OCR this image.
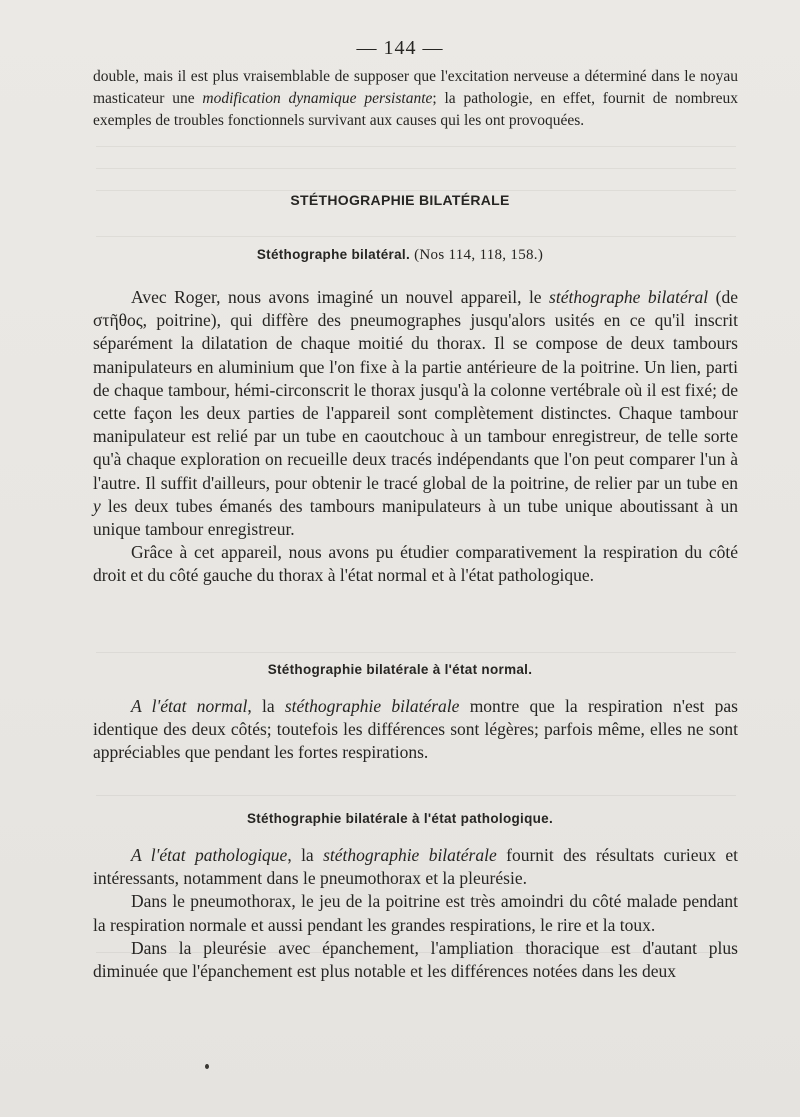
— 144 —
double, mais il est plus vraisemblable de supposer que l'excitation nerveuse a déterminé dans le noyau masticateur une modification dynamique persistante; la pathologie, en effet, fournit de nombreux exemples de troubles fonctionnels survivant aux causes qui les ont provoquées.
STÉTHOGRAPHIE BILATÉRALE
Stéthographe bilatéral. (Nos 114, 118, 158.)

Avec Roger, nous avons imaginé un nouvel appareil, le stéthographe bilatéral (de στῆθος, poitrine), qui diffère des pneumographes jusqu'alors usités en ce qu'il inscrit séparément la dilatation de chaque moitié du thorax. Il se compose de deux tambours manipulateurs en aluminium que l'on fixe à la partie antérieure de la poitrine. Un lien, parti de chaque tambour, hémi-circonscrit le thorax jusqu'à la colonne vertébrale où il est fixé; de cette façon les deux parties de l'appareil sont complètement distinctes. Chaque tambour manipulateur est relié par un tube en caoutchouc à un tambour enregistreur, de telle sorte qu'à chaque exploration on recueille deux tracés indépendants que l'on peut comparer l'un à l'autre. Il suffit d'ailleurs, pour obtenir le tracé global de la poitrine, de relier par un tube en y les deux tubes émanés des tambours manipulateurs à un tube unique aboutissant à un unique tambour enregistreur.

Grâce à cet appareil, nous avons pu étudier comparativement la respiration du côté droit et du côté gauche du thorax à l'état normal et à l'état pathologique.

Stéthographie bilatérale à l'état normal.

A l'état normal, la stéthographie bilatérale montre que la respiration n'est pas identique des deux côtés; toutefois les différences sont légères; parfois même, elles ne sont appréciables que pendant les fortes respirations.

Stéthographie bilatérale à l'état pathologique.

A l'état pathologique, la stéthographie bilatérale fournit des résultats curieux et intéressants, notamment dans le pneumothorax et la pleurésie.

Dans le pneumothorax, le jeu de la poitrine est très amoindri du côté malade pendant la respiration normale et aussi pendant les grandes respirations, le rire et la toux.

Dans la pleurésie avec épanchement, l'ampliation thoracique est d'autant plus diminuée que l'épanchement est plus notable et les différences notées dans les deux
